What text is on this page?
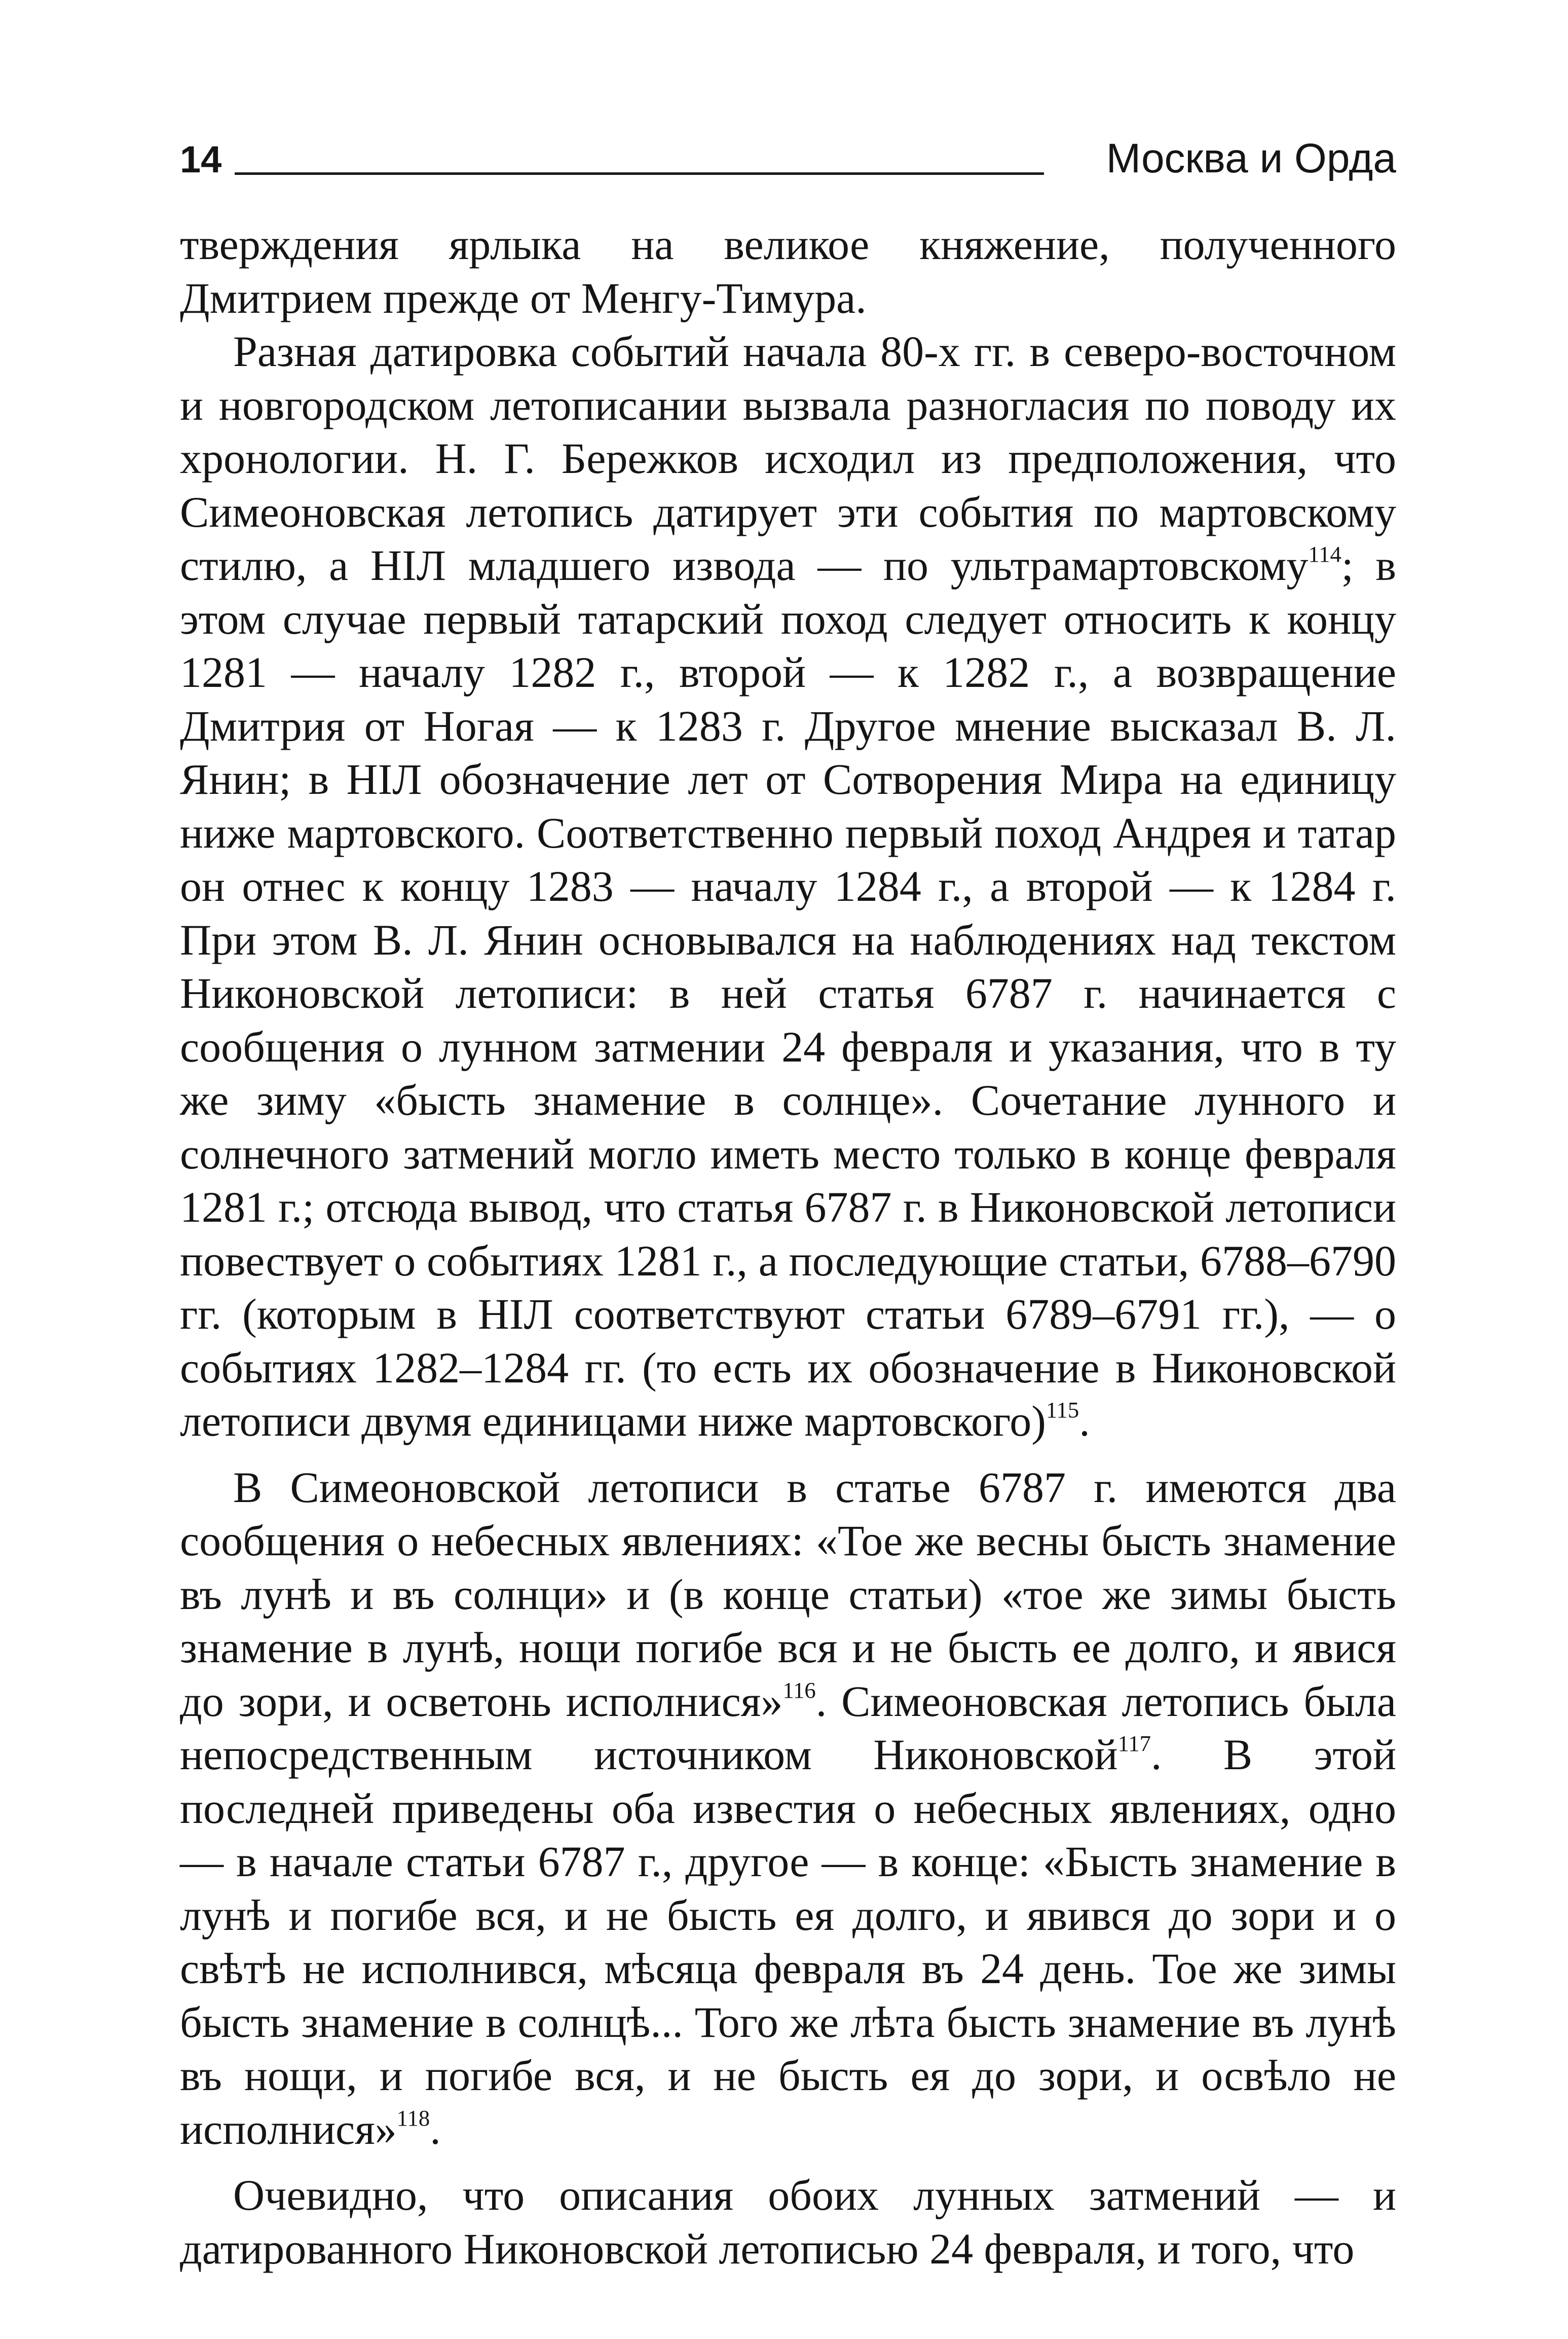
14	Москва и Орда

тверждения ярлыка на великое княжение, полученного Дмитрием прежде от Менгу-Тимура.

Разная датировка событий начала 80-х гг. в северо-восточном и новгородском летописании вызвала разногласия по поводу их хронологии. Н. Г. Бережков исходил из предположения, что Симеоновская летопись датирует эти события по мартовскому стилю, а НIЛ младшего извода — по ультрамартовскому$^{114}$; в этом случае первый татарский поход следует относить к концу 1281 — началу 1282 г., второй — к 1282 г., а возвращение Дмитрия от Ногая — к 1283 г. Другое мнение высказал В. Л. Янин; в НIЛ обозначение лет от Сотворения Мира на единицу ниже мартовского. Соответственно первый поход Андрея и татар он отнес к концу 1283 — началу 1284 г., а второй — к 1284 г. При этом В. Л. Янин основывался на наблюдениях над текстом Никоновской летописи: в ней статья 6787 г. начинается с сообщения о лунном затмении 24 февраля и указания, что в ту же зиму «бысть знамение в солнце». Сочетание лунного и солнечного затмений могло иметь место только в конце февраля 1281 г.; отсюда вывод, что статья 6787 г. в Никоновской летописи повествует о событиях 1281 г., а последующие статьи, 6788–6790 гг. (которым в НIЛ соответствуют статьи 6789–6791 гг.), — о событиях 1282–1284 гг. (то есть их обозначение в Никоновской летописи двумя единицами ниже мартовского)$^{115}$.

В Симеоновской летописи в статье 6787 г. имеются два сообщения о небесных явлениях: «Тое же весны бысть знамение въ лунѣ и въ солнци» и (в конце статьи) «тое же зимы бысть знамение в лунѣ, нощи погибе вся и не бысть ее долго, и явися до зори, и осветонь исполнися»$^{116}$. Симеоновская летопись была непосредственным источником Никоновской$^{117}$. В этой последней приведены оба известия о небесных явлениях, одно — в начале статьи 6787 г., другое — в конце: «Бысть знамение в лунѣ и погибе вся, и не бысть ея долго, и явився до зори и о свѣтѣ не исполнився, мѣсяца февраля въ 24 день. Тое же зимы бысть знамение в солнцѣ... Того же лѣта бысть знамение въ лунѣ въ нощи, и погибе вся, и не бысть ея до зори, и освѣло не исполнися»$^{118}$.

Очевидно, что описания обоих лунных затмений — и датированного Никоновской летописью 24 февраля, и того, что
